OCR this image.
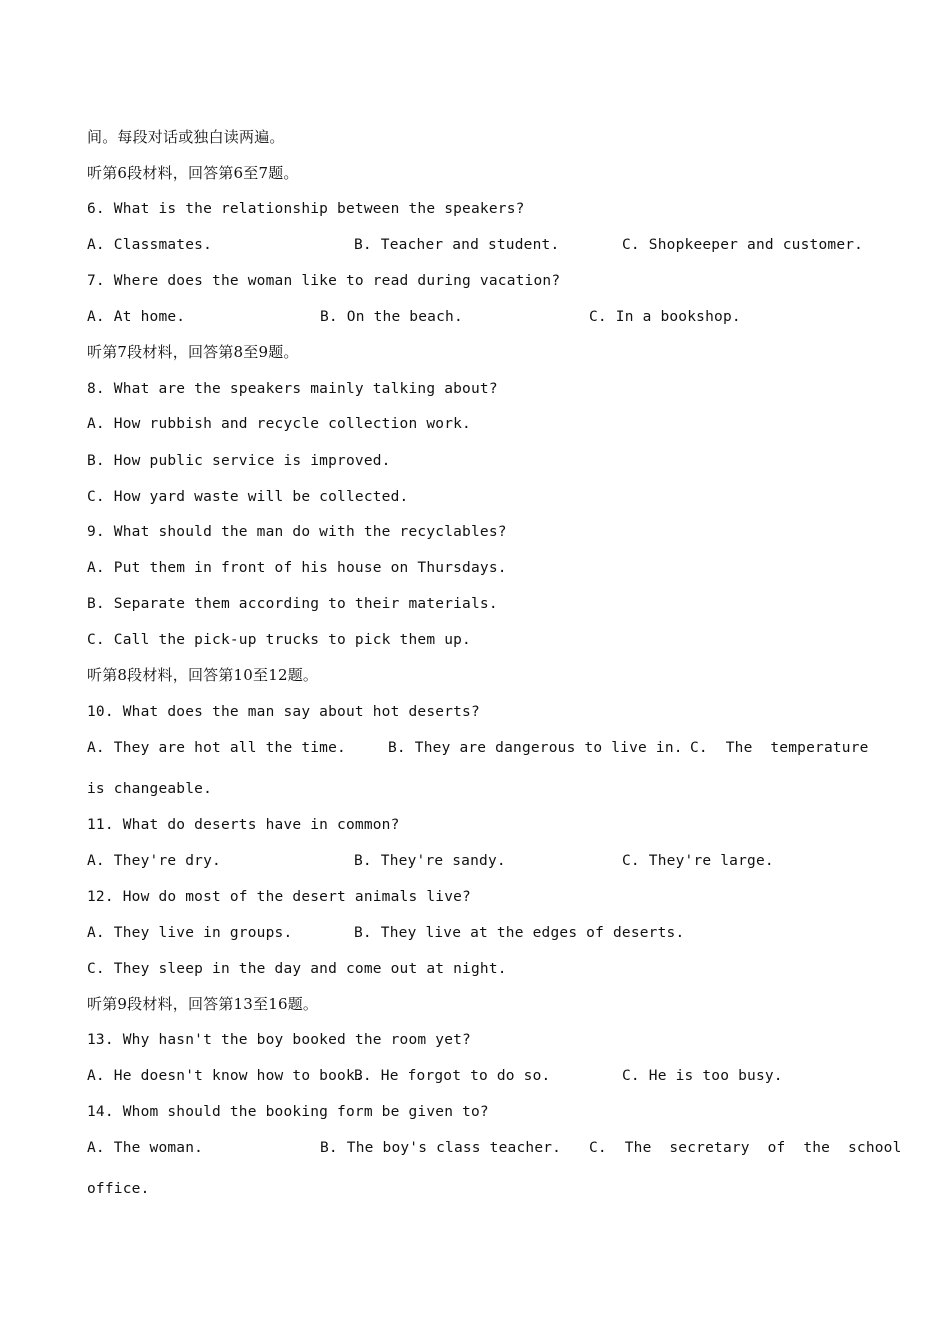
间。每段对话或独白读两遍。
听第6段材料，回答第6至7题。
6. What is the relationship between the speakers?
A. Classmates.	B. Teacher and student.	C. Shopkeeper and customer.
7. Where does the woman like to read during vacation?
A. At home.	B. On the beach.	C. In a bookshop.
听第7段材料，回答第8至9题。
8. What are the speakers mainly talking about?
A. How rubbish and recycle collection work.
B. How public service is improved.
C. How yard waste will be collected.
9. What should the man do with the recyclables?
A. Put them in front of his house on Thursdays.
B. Separate them according to their materials.
C. Call the pick-up trucks to pick them up.
听第8段材料，回答第10至12题。
10. What does the man say about hot deserts?
A. They are hot all the time.	B. They are dangerous to live in. C.  The  temperature
is changeable.
11. What do deserts have in common?
A. They're dry.	B. They're sandy.	C. They're large.
12. How do most of the desert animals live?
A. They live in groups.	B. They live at the edges of deserts.
C. They sleep in the day and come out at night.
听第9段材料，回答第13至16题。
13. Why hasn't the boy booked the room yet?
A. He doesn't know how to book.
B. He forgot to do so.	C. He is too busy.
14. Whom should the booking form be given to?
A. The woman.	B. The boy's class teacher. C.  The  secretary  of  the  school
office.
